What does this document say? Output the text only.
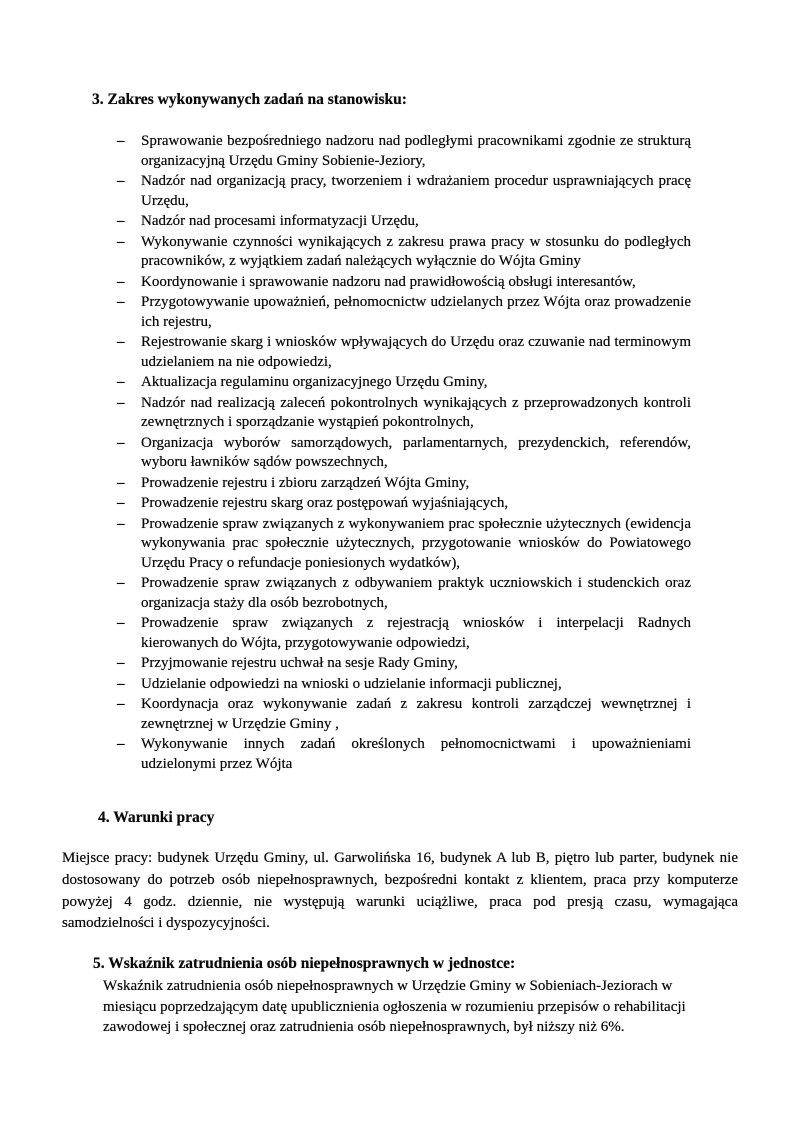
3. Zakres wykonywanych zadań na stanowisku:
– Sprawowanie bezpośredniego nadzoru nad podległymi pracownikami zgodnie ze strukturą organizacyjną Urzędu Gminy Sobienie-Jeziory,
– Nadzór nad organizacją pracy, tworzeniem i wdrażaniem procedur usprawniających pracę Urzędu,
– Nadzór nad procesami informatyzacji Urzędu,
– Wykonywanie czynności wynikających z zakresu prawa pracy w stosunku do podległych pracowników, z wyjątkiem zadań należących wyłącznie do Wójta Gminy
– Koordynowanie i sprawowanie nadzoru nad prawidłowością obsługi interesantów,
– Przygotowywanie upoważnień, pełnomocnictw udzielanych przez Wójta oraz prowadzenie ich rejestru,
– Rejestrowanie skarg i wniosków wpływających do Urzędu oraz czuwanie nad terminowym udzielaniem na nie odpowiedzi,
– Aktualizacja regulaminu organizacyjnego Urzędu Gminy,
– Nadzór nad realizacją zaleceń pokontrolnych wynikających z przeprowadzonych kontroli zewnętrznych i sporządzanie wystąpień pokontrolnych,
– Organizacja wyborów samorządowych, parlamentarnych, prezydenckich, referendów, wyboru ławników sądów powszechnych,
– Prowadzenie rejestru i zbioru zarządzeń Wójta Gminy,
– Prowadzenie rejestru skarg oraz postępowań wyjaśniających,
– Prowadzenie spraw związanych z wykonywaniem prac społecznie użytecznych (ewidencja wykonywania prac społecznie użytecznych, przygotowanie wniosków do Powiatowego Urzędu Pracy o refundacje poniesionych wydatków),
– Prowadzenie spraw związanych z odbywaniem praktyk uczniowskich i studenckich oraz organizacja staży dla osób bezrobotnych,
– Prowadzenie spraw związanych z rejestracją wniosków i interpelacji Radnych kierowanych do Wójta, przygotowywanie odpowiedzi,
– Przyjmowanie rejestru uchwał na sesje Rady Gminy,
– Udzielanie odpowiedzi na wnioski o udzielanie informacji publicznej,
– Koordynacja oraz wykonywanie zadań z zakresu kontroli zarządczej wewnętrznej i zewnętrznej w Urzędzie Gminy ,
– Wykonywanie innych zadań określonych pełnomocnictwami i upoważnieniami udzielonymi przez Wójta
4. Warunki pracy
Miejsce pracy: budynek Urzędu Gminy, ul. Garwolińska 16, budynek A lub B, piętro lub parter, budynek nie dostosowany do potrzeb osób niepełnosprawnych, bezpośredni kontakt z klientem, praca przy komputerze powyżej 4 godz. dziennie, nie występują warunki uciążliwe, praca pod presją czasu, wymagająca samodzielności i dyspozycyjności.
5. Wskaźnik zatrudnienia osób niepełnosprawnych w jednostce:
Wskaźnik zatrudnienia osób niepełnosprawnych w Urzędzie Gminy w Sobieniach-Jeziorach w miesiącu poprzedzającym datę upublicznienia ogłoszenia w rozumieniu przepisów o rehabilitacji zawodowej i społecznej oraz zatrudnienia osób niepełnosprawnych, był niższy niż 6%.
